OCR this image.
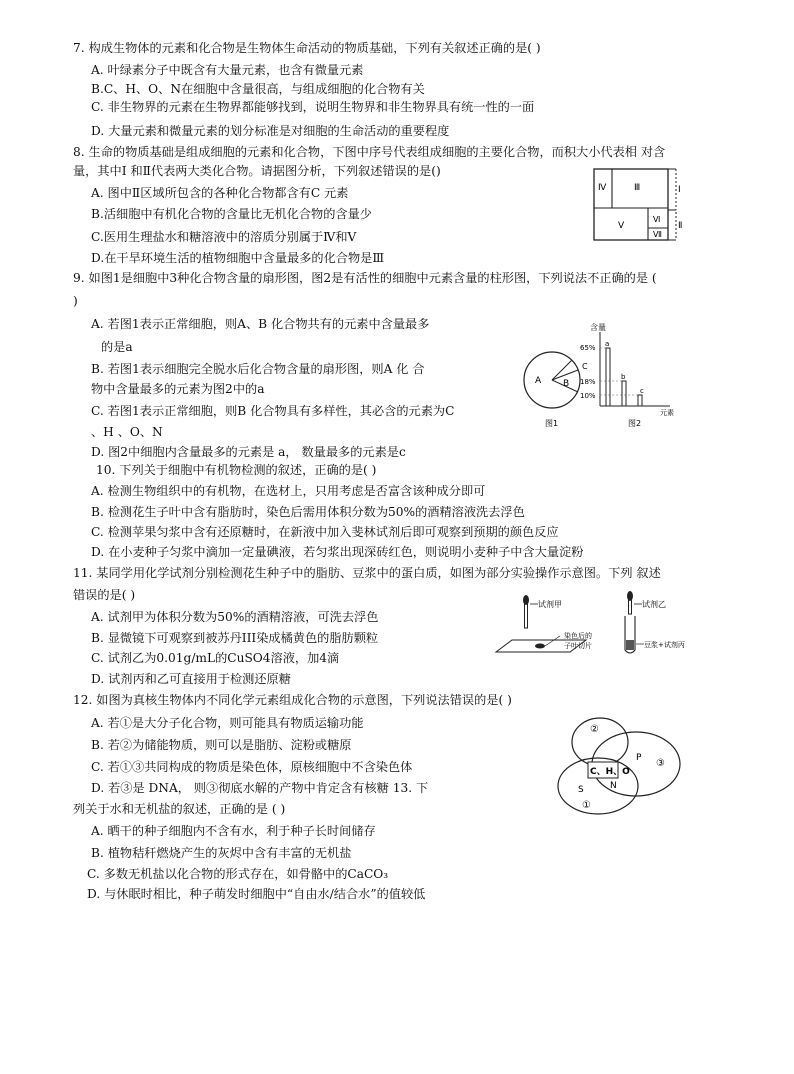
7. 构成生物体的元素和化合物是生物体生命活动的物质基础，下列有关叙述正确的是( )
A. 叶绿素分子中既含有大量元素，也含有微量元素
B.C、H、O、N在细胞中含量很高，与组成细胞的化合物有关
C. 非生物界的元素在生物界都能够找到，说明生物界和非生物界具有统一性的一面
D. 大量元素和微量元素的划分标准是对细胞的生命活动的重要程度
8. 生命的物质基础是组成细胞的元素和化合物，下图中序号代表组成细胞的主要化合物，而积大小代表相 对含
量，其中Ⅰ 和Ⅱ代表两大类化合物。请据图分析，下列叙述错误的是()
A. 图中Ⅱ区域所包含的各种化合物都含有C 元素
B.活细胞中有机化合物的含量比无机化合物的含量少
C.医用生理盐水和糖溶液中的溶质分别属于Ⅳ和Ⅴ
D.在干旱环境生活的植物细胞中含量最多的化合物是Ⅲ
Ⅳ	Ⅲ	Ⅰ
Ⅴ
Ⅵ
Ⅶ
Ⅱ
9. 如图1是细胞中3种化合物含量的扇形图，图2是有活性的细胞中元素含量的柱形图，下列说法不正确的是 (
)
A. 若图1表示正常细胞，则A、B 化合物共有的元素中含量最多
的是a
B. 若图1表示细胞完全脱水后化合物含量的扇形图，则A 化 合
物中含量最多的元素为图2中的a
C. 若图1表示正常细胞，则B 化合物具有多样性，其必含的元素为C
、H 、O、N
D. 图2中细胞内含量最多的元素是 a， 数量最多的元素是c
A B
C
图1
含量
65%
18%
10%
a
b
c
元素
图2
10. 下列关于细胞中有机物检测的叙述，正确的是( )
A. 检测生物组织中的有机物，在选材上，只用考虑是否富含该种成分即可
B. 检测花生子叶中含有脂肪时，染色后需用体积分数为50%的酒精溶液洗去浮色
C. 检测苹果匀浆中含有还原糖时，在新液中加入斐林试剂后即可观察到预期的颜色反应
D. 在小麦种子匀浆中滴加一定量碘液，若匀浆出现深砖红色，则说明小麦种子中含大量淀粉
11. 某同学用化学试剂分别检测花生种子中的脂肪、豆浆中的蛋白质，如图为部分实验操作示意图。下列 叙述
错误的是( )
A. 试剂甲为体积分数为50%的酒精溶液，可洗去浮色
B. 显微镜下可观察到被苏丹III染成橘黄色的脂肪颗粒
C. 试剂乙为0.01g/mL的CuSO4溶液，加4滴
D. 试剂丙和乙可直接用于检测还原糖
试剂甲
染色后的
子叶切片
试剂乙
豆浆+试剂丙
12. 如图为真核生物体内不同化学元素组成化合物的示意图，下列说法错误的是( )
A. 若①是大分子化合物，则可能具有物质运输功能
B. 若②为储能物质，则可以是脂肪、淀粉或糖原
C. 若①③共同构成的物质是染色体，原核细胞中不含染色体
D. 若③是 DNA， 则③彻底水解的产物中肯定含有核糖 13. 下
C、H、O
②
P ③
N
S
①
列关于水和无机盐的叙述，正确的是 ( )
A. 晒干的种子细胞内不含有水，利于种子长时间储存
B. 植物秸秆燃烧产生的灰烬中含有丰富的无机盐
C. 多数无机盐以化合物的形式存在，如骨骼中的CaCO₃
D. 与休眠时相比，种子萌发时细胞中“自由水/结合水”的值较低
